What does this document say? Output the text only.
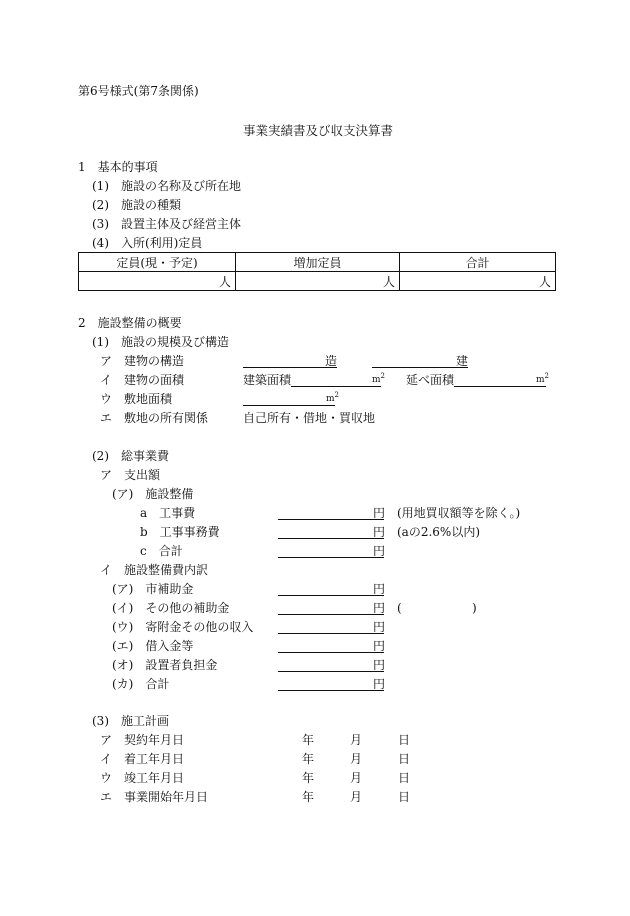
第6号様式(第7条関係)
事業実績書及び収支決算書
1　基本的事項
(1)　施設の名称及び所在地
(2)　施設の種類
(3)　設置主体及び経営主体
(4)　入所(利用)定員
定員(現・予定)	増加定員	合計
人	人	人
2　施設整備の概要
(1)　施設の規模及び構造
ア　建物の構造	造	建
イ　建物の面積	建築面積	$m^2$ 延べ面積	$m^2$
ウ　敷地面積	$m^2$
エ　敷地の所有関係	自己所有・借地・買収地
(2)　総事業費
ア　支出額
(ア)　施設整備
a　工事費	円 (用地買収額等を除く。)
b　工事事務費	円 (aの2.6%以内)
c　合計	円
イ　施設整備費内訳
(ア)　市補助金	円
(イ)　その他の補助金	円 (	)
(ウ)　寄附金その他の収入	円
(エ)　借入金等	円
(オ)　設置者負担金	円
(カ)　合計	円
(3)　施工計画
ア　契約年月日	年	月	日
イ　着工年月日	年	月	日
ウ　竣工年月日	年	月	日
エ　事業開始年月日	年	月	日
